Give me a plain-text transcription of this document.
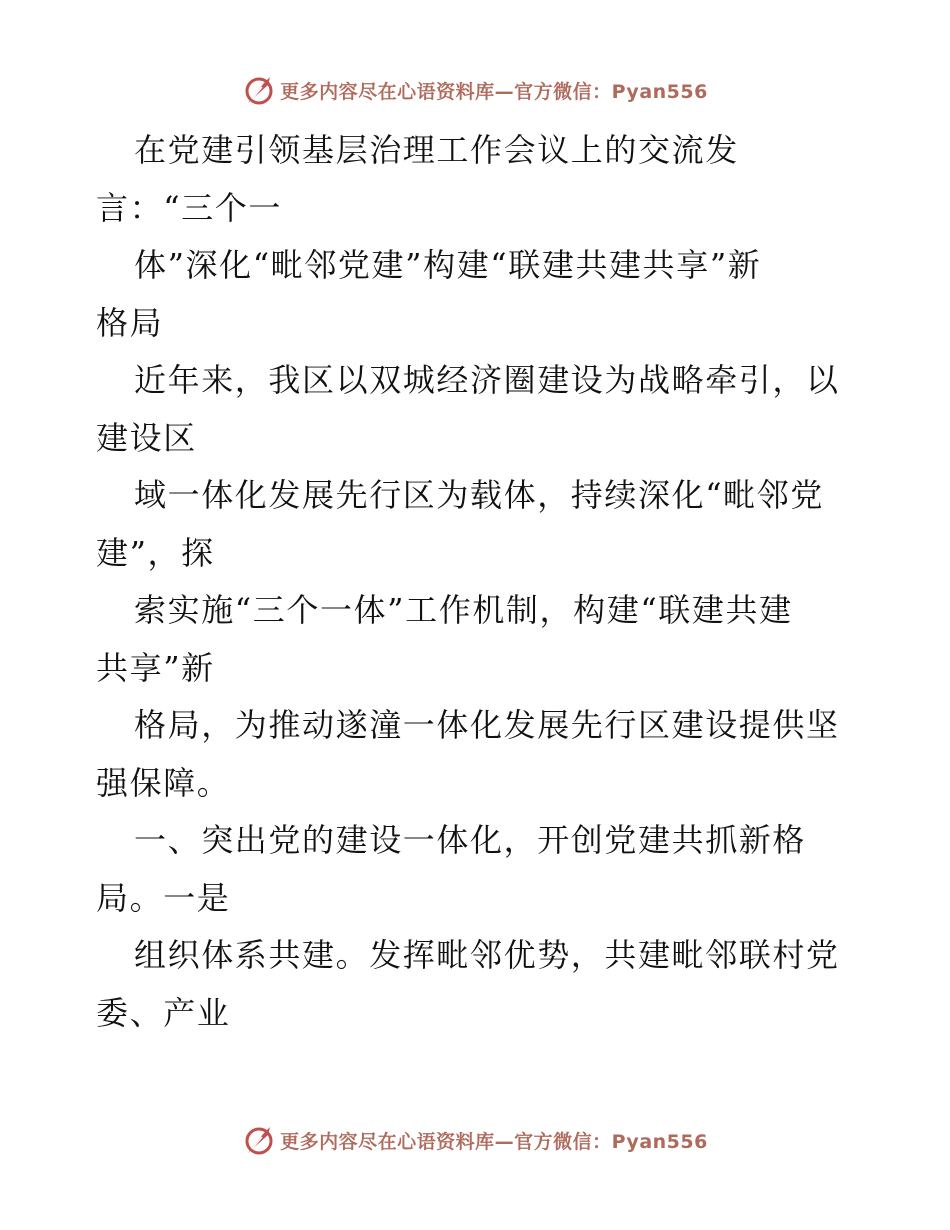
更多内容尽在心语资料库—官方微信：Pyan556
在党建引领基层治理工作会议上的交流发
言：“三个一
体”深化“毗邻党建”构建“联建共建共享”新
格局
近年来，我区以双城经济圈建设为战略牵引，以
建设区
域一体化发展先行区为载体，持续深化“毗邻党
建”，探
索实施“三个一体”工作机制，构建“联建共建
共享”新
格局，为推动遂潼一体化发展先行区建设提供坚
强保障。
一、突出党的建设一体化，开创党建共抓新格
局。一是
组织体系共建。发挥毗邻优势，共建毗邻联村党
委、产业
更多内容尽在心语资料库—官方微信：Pyan556
